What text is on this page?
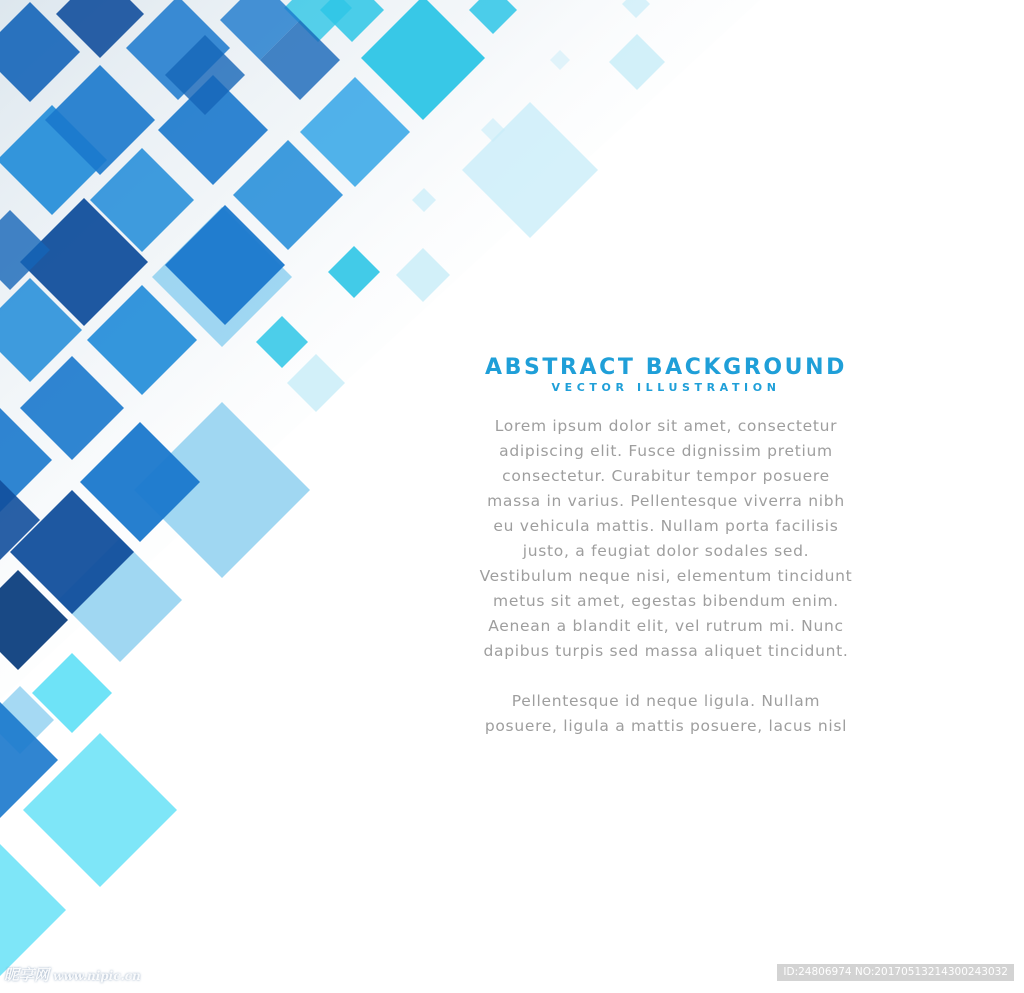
ABSTRACT BACKGROUND
VECTOR ILLUSTRATION
Lorem ipsum dolor sit amet, consectetur
adipiscing elit. Fusce dignissim pretium
consectetur. Curabitur tempor posuere
massa in varius. Pellentesque viverra nibh
eu vehicula mattis. Nullam porta facilisis
justo, a feugiat dolor sodales sed.
Vestibulum neque nisi, elementum tincidunt
metus sit amet, egestas bibendum enim.
Aenean a blandit elit, vel rutrum mi. Nunc
dapibus turpis sed massa aliquet tincidunt.
Pellentesque id neque ligula. Nullam
posuere, ligula a mattis posuere, lacus nisl
昵享网 www.nipic.cn	ID:24806974 NO:20170513214300243032
